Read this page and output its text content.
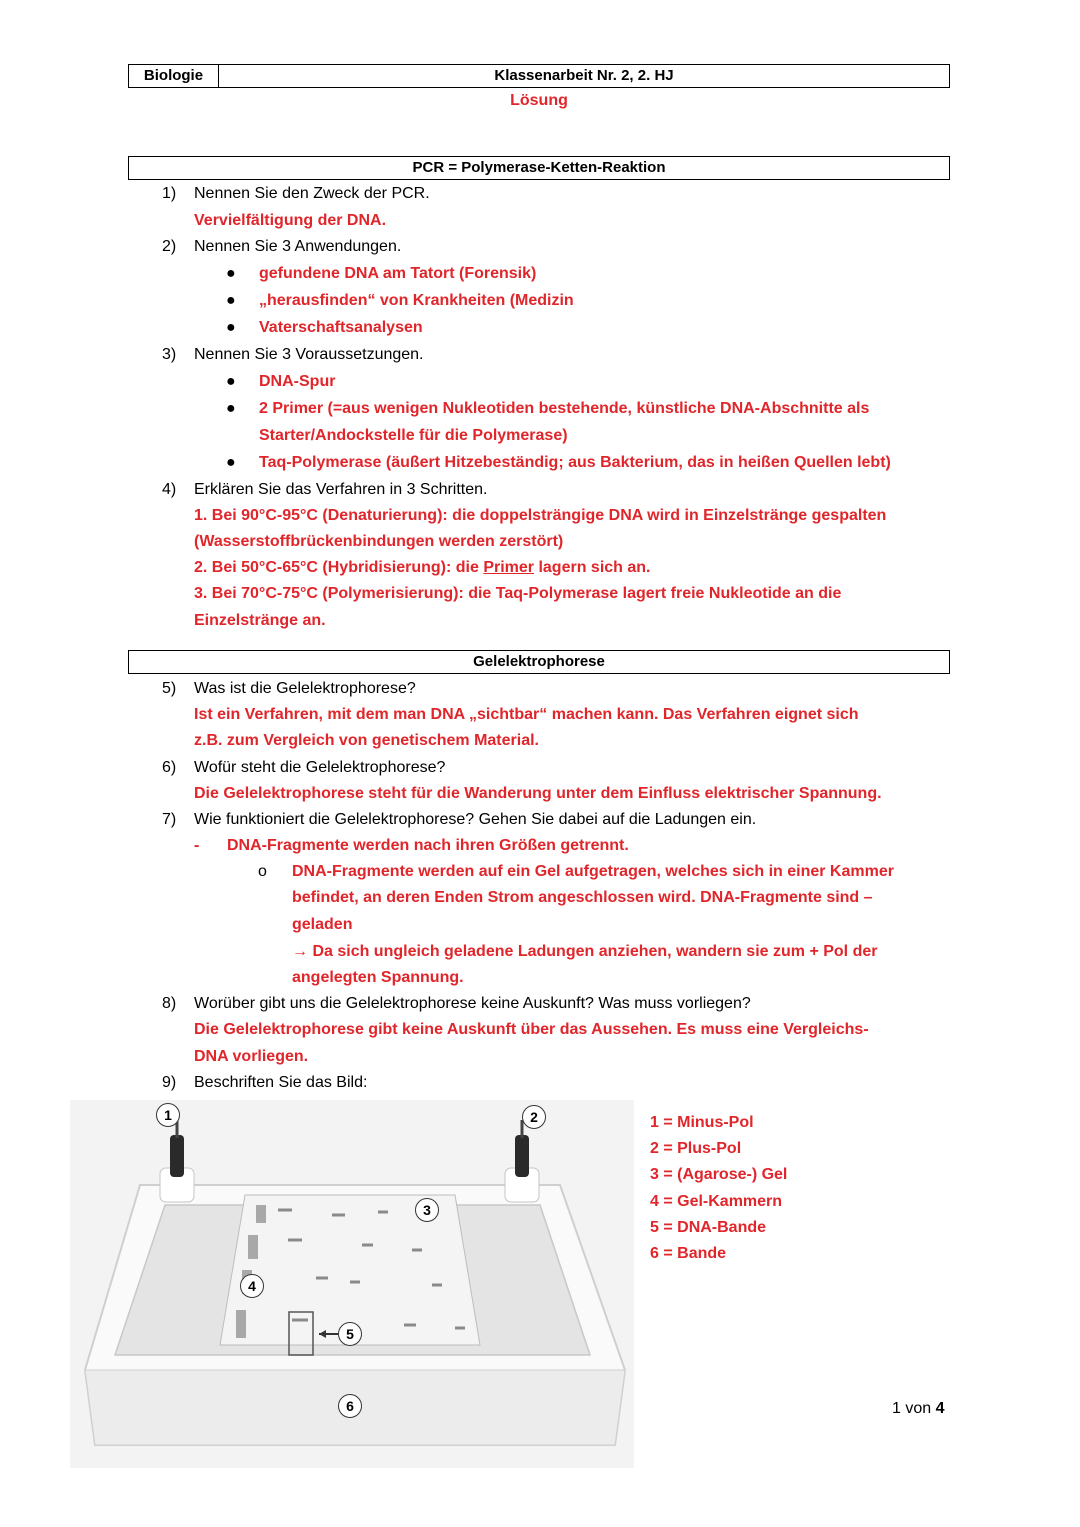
Biologie	Klassenarbeit Nr. 2, 2. HJ
Lösung
PCR = Polymerase-Ketten-Reaktion
1) Nennen Sie den Zweck der PCR.
Vervielfältigung der DNA.
2) Nennen Sie 3 Anwendungen.
● gefundene DNA am Tatort (Forensik)
● „herausfinden“ von Krankheiten (Medizin
● Vaterschaftsanalysen
3) Nennen Sie 3 Voraussetzungen.
● DNA-Spur
● 2 Primer (=aus wenigen Nukleotiden bestehende, künstliche DNA-Abschnitte als
Starter/Andockstelle für die Polymerase)
● Taq-Polymerase (äußert Hitzebeständig; aus Bakterium, das in heißen Quellen lebt)
4) Erklären Sie das Verfahren in 3 Schritten.
1. Bei 90°C-95°C (Denaturierung): die doppelsträngige DNA wird in Einzelstränge gespalten
(Wasserstoffbrückenbindungen werden zerstört)
2. Bei 50°C-65°C (Hybridisierung): die Primer lagern sich an.
3. Bei 70°C-75°C (Polymerisierung): die Taq-Polymerase lagert freie Nukleotide an die
Einzelstränge an.
Gelelektrophorese
5) Was ist die Gelelektrophorese?
Ist ein Verfahren, mit dem man DNA „sichtbar“ machen kann. Das Verfahren eignet sich
z.B. zum Vergleich von genetischem Material.
6) Wofür steht die Gelelektrophorese?
Die Gelelektrophorese steht für die Wanderung unter dem Einfluss elektrischer Spannung.
7) Wie funktioniert die Gelelektrophorese? Gehen Sie dabei auf die Ladungen ein.
- DNA-Fragmente werden nach ihren Größen getrennt.
o DNA-Fragmente werden auf ein Gel aufgetragen, welches sich in einer Kammer
befindet, an deren Enden Strom angeschlossen wird. DNA-Fragmente sind –
geladen
→ Da sich ungleich geladene Ladungen anziehen, wandern sie zum + Pol der
angelegten Spannung.
8) Worüber gibt uns die Gelelektrophorese keine Auskunft? Was muss vorliegen?
Die Gelelektrophorese gibt keine Auskunft über das Aussehen. Es muss eine Vergleichs-
DNA vorliegen.
9) Beschriften Sie das Bild:
1	2
3
4
5
6
1 = Minus-Pol
2 = Plus-Pol
3 = (Agarose-) Gel
4 = Gel-Kammern
5 = DNA-Bande
6 = Bande
1 von 4
